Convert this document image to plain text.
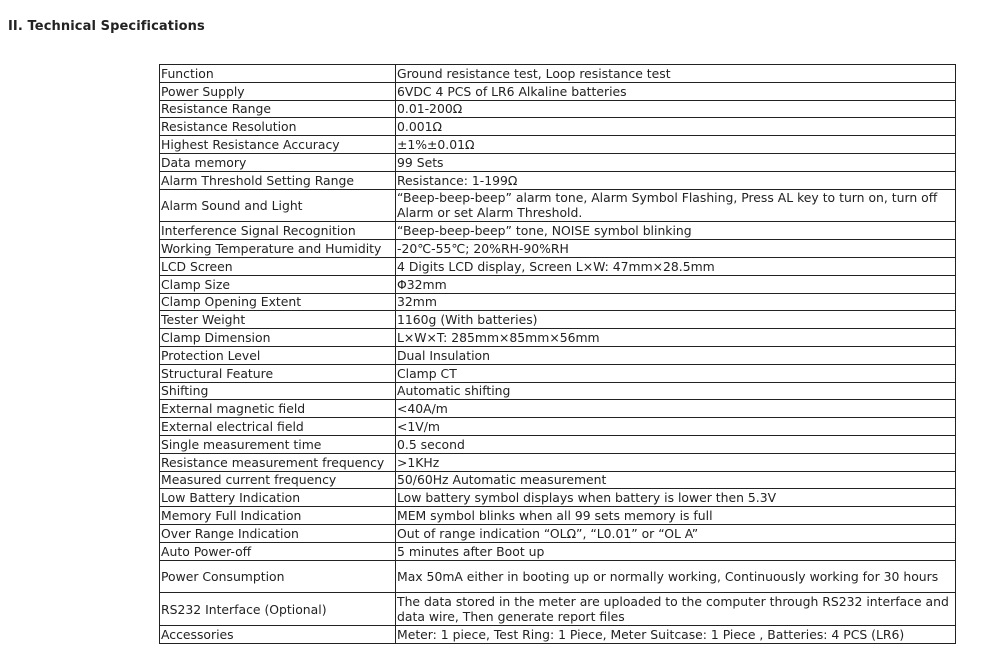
II. Technical Specifications
Function	Ground resistance test, Loop resistance test
Power Supply	6VDC 4 PCS of LR6 Alkaline batteries
Resistance Range	0.01-200Ω
Resistance Resolution	0.001Ω
Highest Resistance Accuracy	±1%±0.01Ω
Data memory	99 Sets
Alarm Threshold Setting Range	Resistance: 1-199Ω
Alarm Sound and Light	“Beep-beep-beep” alarm tone, Alarm Symbol Flashing, Press AL key to turn on, turn off Alarm or set Alarm Threshold.
Interference Signal Recognition	“Beep-beep-beep” tone, NOISE symbol blinking
Working Temperature and Humidity	-20℃-55℃; 20%RH-90%RH
LCD Screen	4 Digits LCD display, Screen L×W: 47mm×28.5mm
Clamp Size	Φ32mm
Clamp Opening Extent	32mm
Tester Weight	1160g (With batteries)
Clamp Dimension	L×W×T: 285mm×85mm×56mm
Protection Level	Dual Insulation
Structural Feature	Clamp CT
Shifting	Automatic shifting
External magnetic field	<40A/m
External electrical field	<1V/m
Single measurement time	0.5 second
Resistance measurement frequency	>1KHz
Measured current frequency	50/60Hz Automatic measurement
Low Battery Indication	Low battery symbol displays when battery is lower then 5.3V
Memory Full Indication	MEM symbol blinks when all 99 sets memory is full
Over Range Indication	Out of range indication “OLΩ”, “L0.01” or “OL A”
Auto Power-off	5 minutes after Boot up
Power Consumption	Max 50mA either in booting up or normally working, Continuously working for 30 hours
RS232 Interface (Optional)	The data stored in the meter are uploaded to the computer through RS232 interface and data wire, Then generate report files
Accessories	Meter: 1 piece, Test Ring: 1 Piece, Meter Suitcase: 1 Piece , Batteries: 4 PCS (LR6)
